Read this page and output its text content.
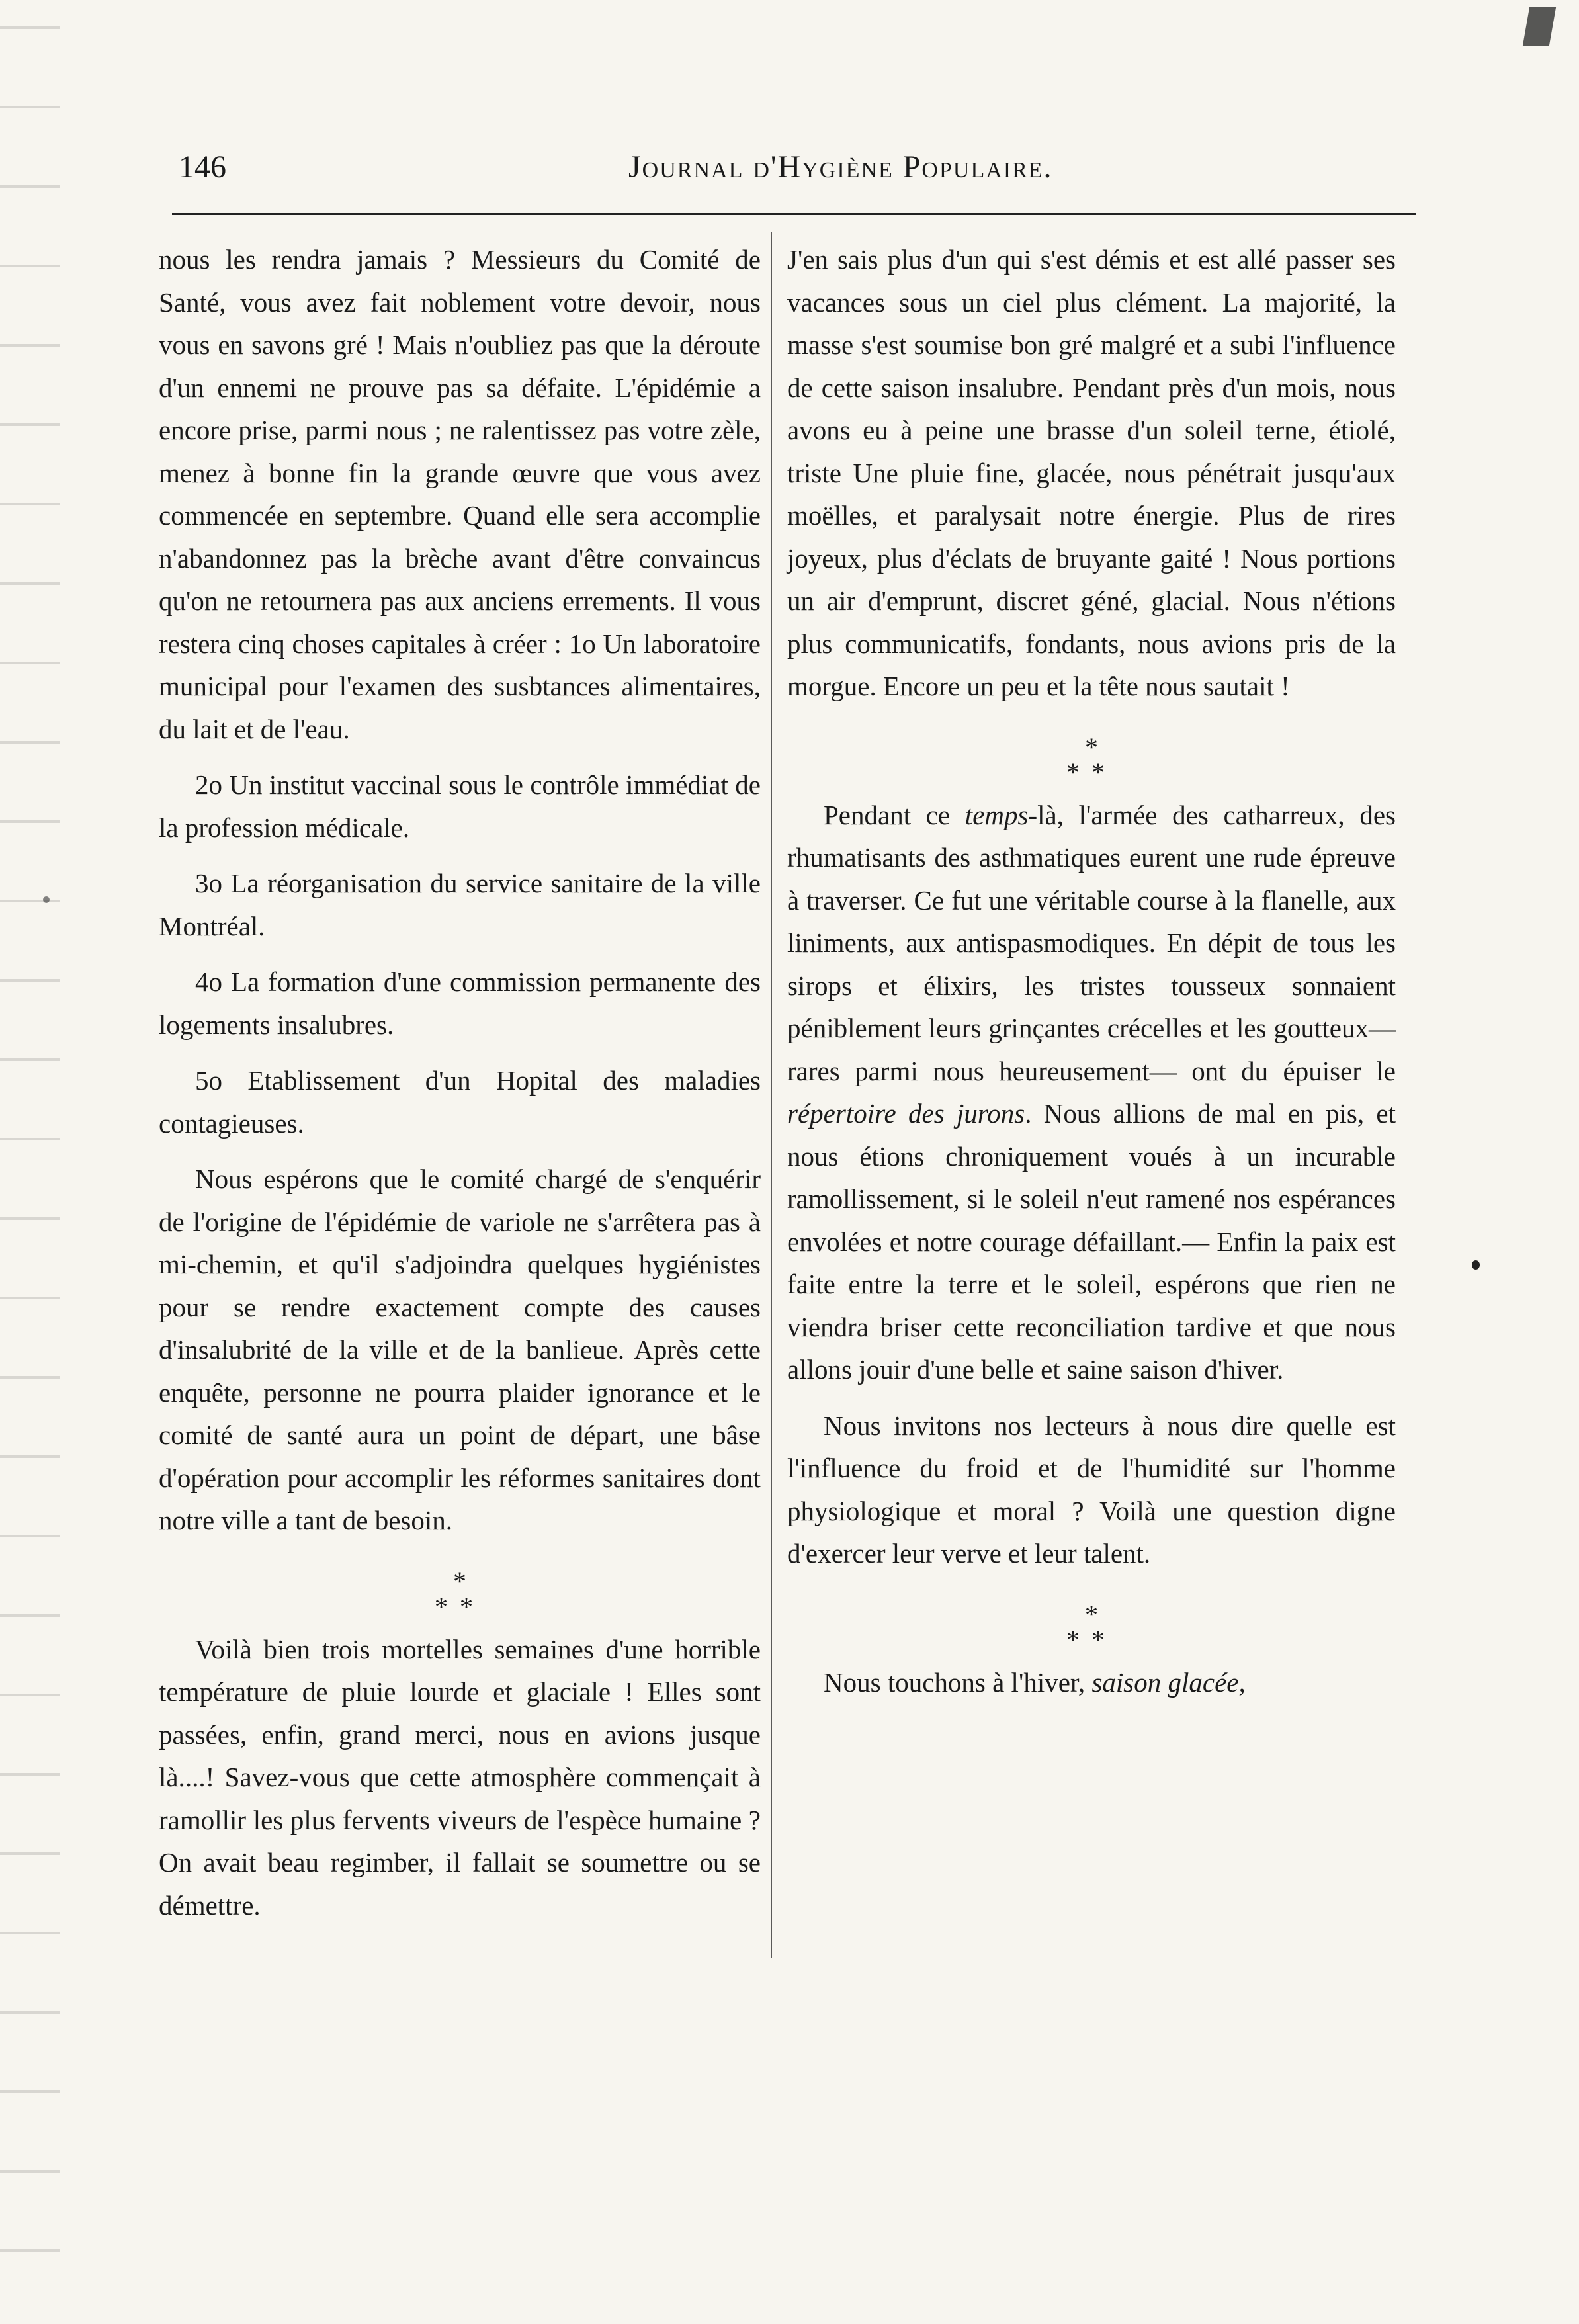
146	Journal d'Hygiène Populaire.

nous les rendra jamais ? Messieurs du Comité de Santé, vous avez fait noblement votre devoir, nous vous en savons gré ! Mais n'oubliez pas que la déroute d'un ennemi ne prouve pas sa défaite. L'épidémie a encore prise, parmi nous ; ne ralentissez pas votre zèle, menez à bonne fin la grande œuvre que vous avez commencée en septembre. Quand elle sera accomplie n'abandonnez pas la brèche avant d'être convaincus qu'on ne retournera pas aux anciens errements. Il vous restera cinq choses capitales à créer : 1o Un laboratoire municipal pour l'examen des susbtances alimentaires, du lait et de l'eau.

2o Un institut vaccinal sous le contrôle immédiat de la profession médicale.

3o La réorganisation du service sanitaire de la ville Montréal.

4o La formation d'une commission permanente des logements insalubres.

5o Etablissement d'un Hopital des maladies contagieuses.

Nous espérons que le comité chargé de s'enquérir de l'origine de l'épidémie de variole ne s'arrêtera pas à mi-chemin, et qu'il s'adjoindra quelques hygiénistes pour se rendre exactement compte des causes d'insalubrité de la ville et de la banlieue. Après cette enquête, personne ne pourra plaider ignorance et le comité de santé aura un point de départ, une bâse d'opération pour accomplir les réformes sanitaires dont notre ville a tant de besoin.

*
**

Voilà bien trois mortelles semaines d'une horrible température de pluie lourde et glaciale ! Elles sont passées, enfin, grand merci, nous en avions jusque là....! Savez-vous que cette atmosphère commençait à ramollir les plus fervents viveurs de l'espèce humaine ? On avait beau regimber, il fallait se soumettre ou se démettre.

J'en sais plus d'un qui s'est démis et est allé passer ses vacances sous un ciel plus clément. La majorité, la masse s'est soumise bon gré malgré et a subi l'influence de cette saison insalubre. Pendant près d'un mois, nous avons eu à peine une brasse d'un soleil terne, étiolé, triste Une pluie fine, glacée, nous pénétrait jusqu'aux moëlles, et paralysait notre énergie. Plus de rires joyeux, plus d'éclats de bruyante gaité ! Nous portions un air d'emprunt, discret géné, glacial. Nous n'étions plus communicatifs, fondants, nous avions pris de la morgue. Encore un peu et la tête nous sautait !

*
**

Pendant ce temps-là, l'armée des catharreux, des rhumatisants des asthmatiques eurent une rude épreuve à traverser. Ce fut une véritable course à la flanelle, aux liniments, aux antispasmodiques. En dépit de tous les sirops et élixirs, les tristes tousseux sonnaient péniblement leurs grinçantes crécelles et les goutteux—rares parmi nous heureusement— ont du épuiser le répertoire des jurons. Nous allions de mal en pis, et nous étions chroniquement voués à un incurable ramollissement, si le soleil n'eut ramené nos espérances envolées et notre courage défaillant.— Enfin la paix est faite entre la terre et le soleil, espérons que rien ne viendra briser cette reconciliation tardive et que nous allons jouir d'une belle et saine saison d'hiver.

Nous invitons nos lecteurs à nous dire quelle est l'influence du froid et de l'humidité sur l'homme physiologique et moral ? Voilà une question digne d'exercer leur verve et leur talent.

*
**

Nous touchons à l'hiver, saison glacée,
